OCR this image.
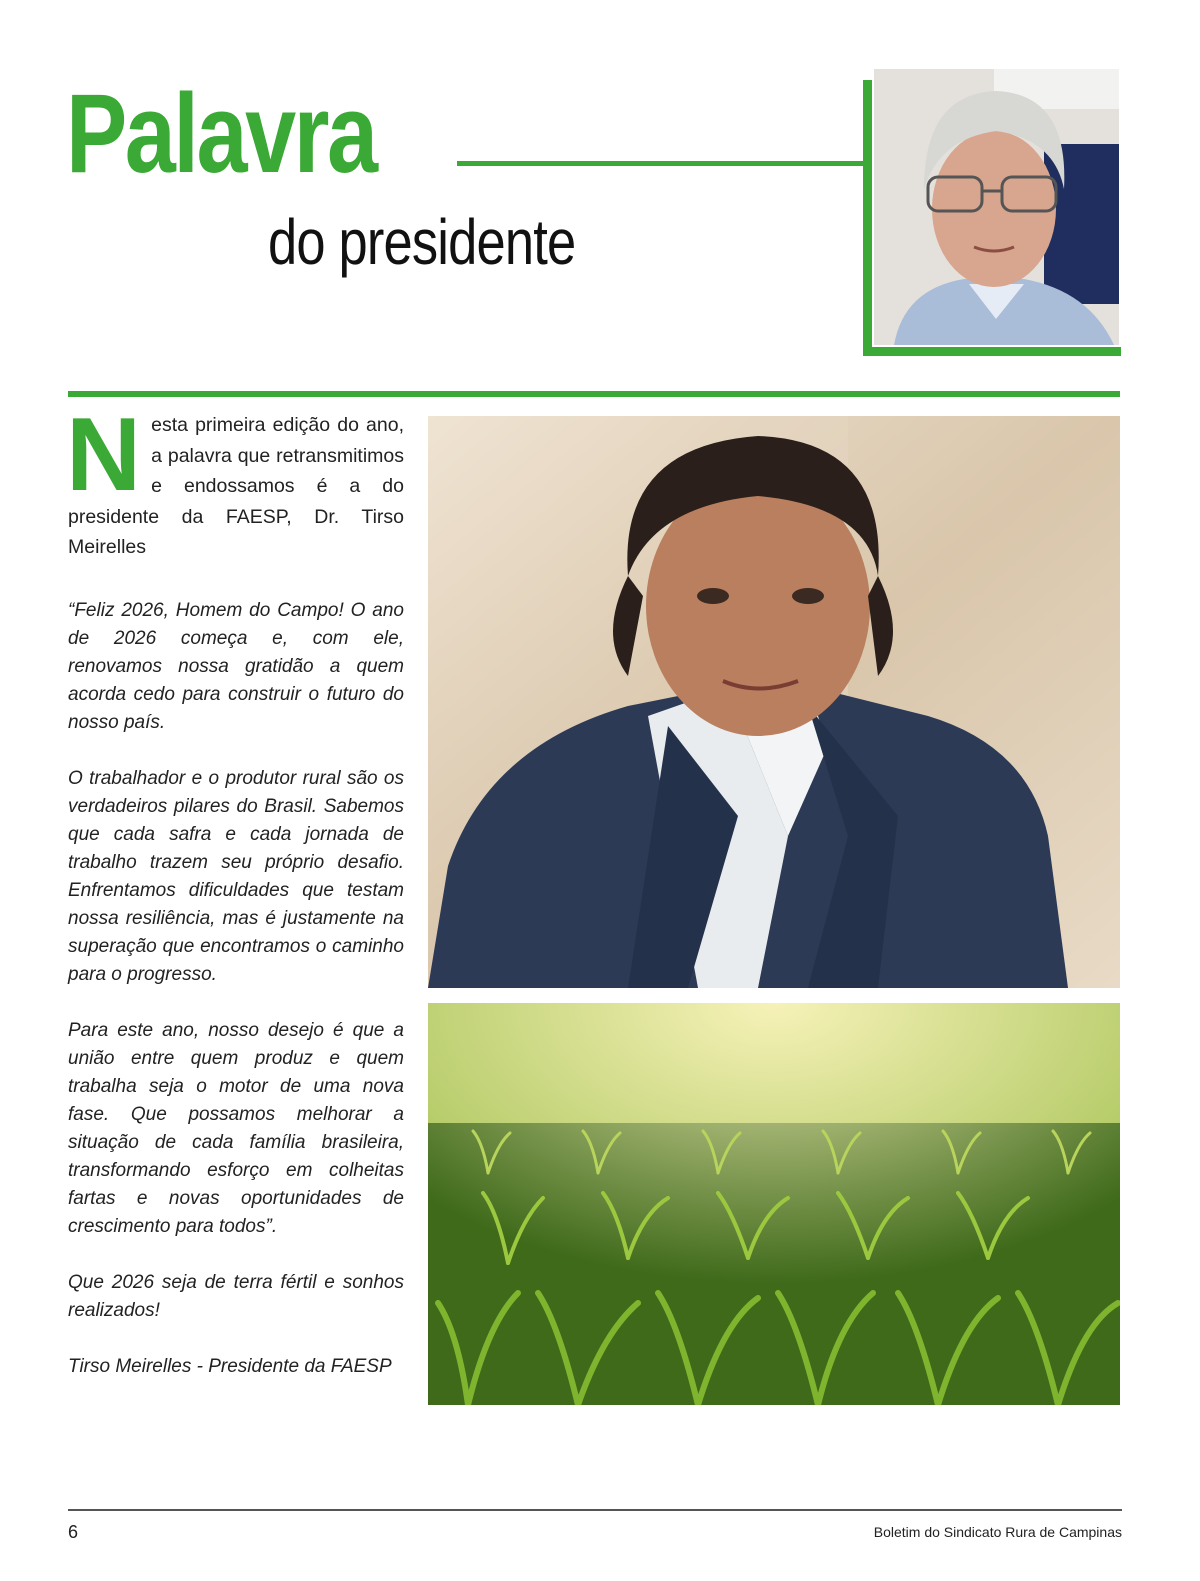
Palavra
do presidente

N esta primeira edição do ano, a palavra que retransmitimos e endossamos é a do presidente da FAESP, Dr. Tirso Meirelles

“Feliz 2026, Homem do Campo! O ano de 2026 começa e, com ele, renovamos nossa gratidão a quem acorda cedo para construir o futuro do nosso país.

O trabalhador e o produtor rural são os verdadeiros pilares do Brasil. Sabemos que cada safra e cada jornada de trabalho trazem seu próprio desafio. Enfrentamos dificuldades que testam nossa resiliência, mas é justamente na superação que encontramos o caminho para o progresso.

Para este ano, nosso desejo é que a união entre quem produz e quem trabalha seja o motor de uma nova fase. Que possamos melhorar a situação de cada família brasileira, transformando esforço em colheitas fartas e novas oportunidades de crescimento para todos”.

Que 2026 seja de terra fértil e sonhos realizados!

Tirso Meirelles - Presidente da FAESP

6	Boletim do Sindicato Rura de Campinas
